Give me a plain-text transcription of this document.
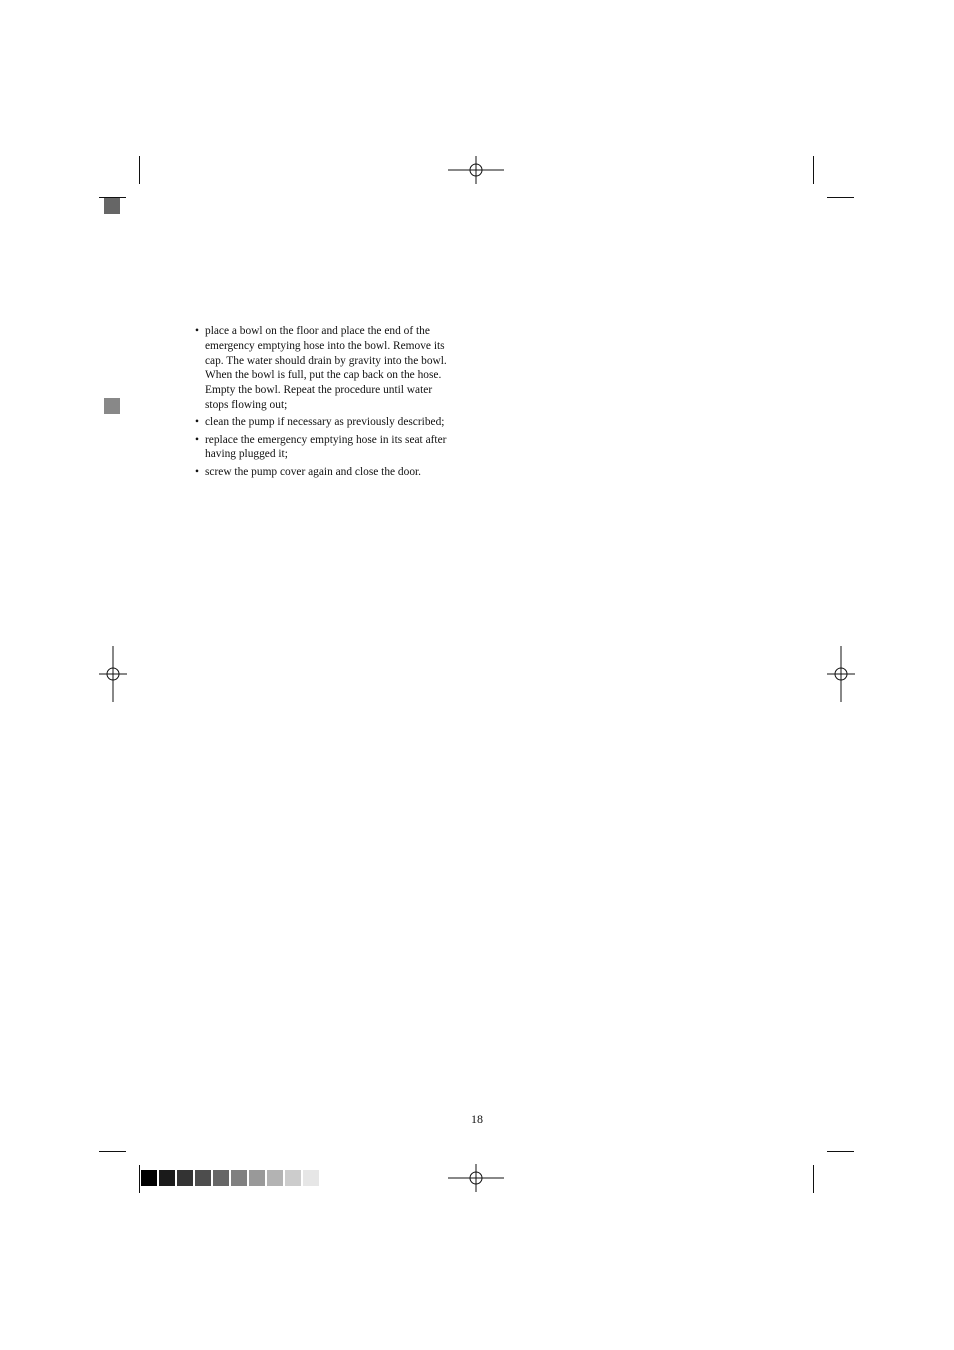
• place a bowl on the floor and place the end of the
emergency emptying hose into the bowl. Remove its
cap. The water should drain by gravity into the bowl.
When the bowl is full, put the cap back on the hose.
Empty the bowl. Repeat the procedure until water
stops flowing out;
• clean the pump if necessary as previously described;
• replace the emergency emptying hose in its seat after
having plugged it;
• screw the pump cover again and close the door.
18
